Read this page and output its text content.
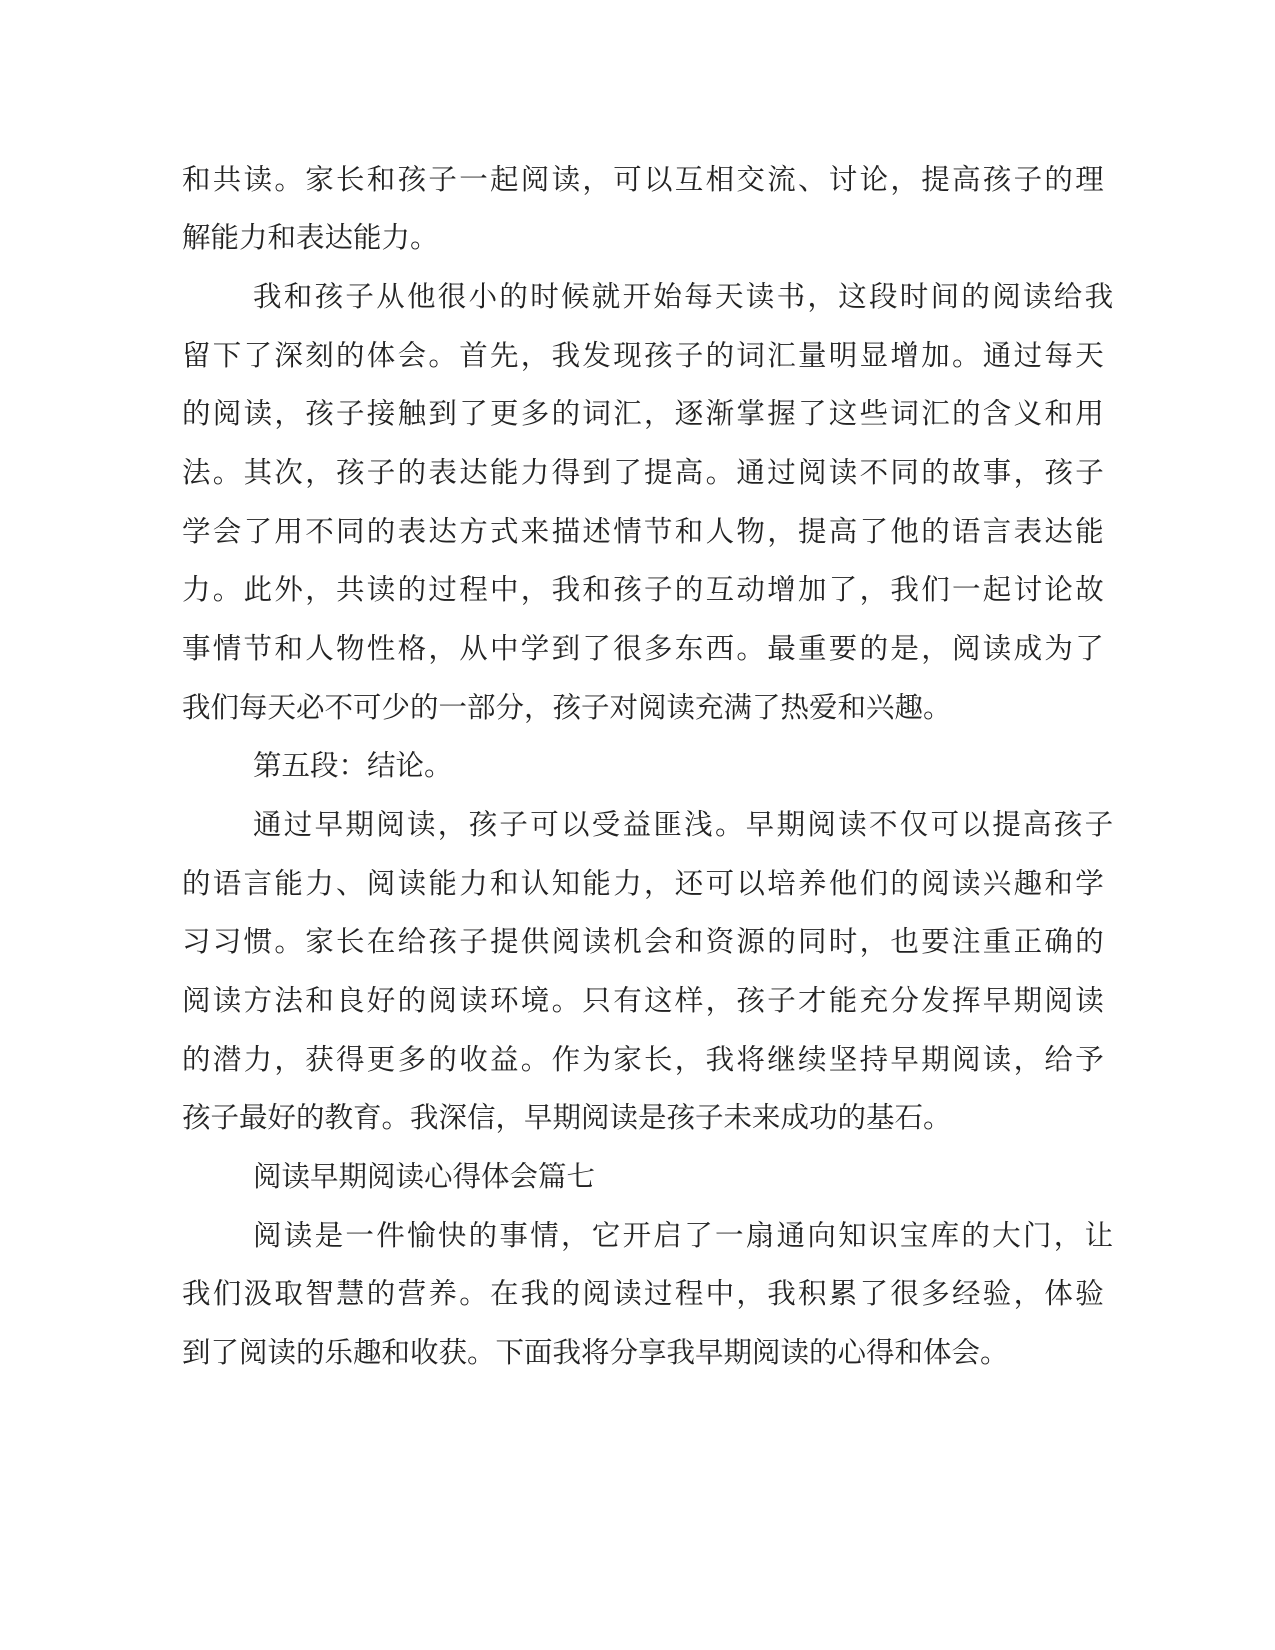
和共读。家长和孩子一起阅读，可以互相交流、讨论，提高孩子的理
解能力和表达能力。
我和孩子从他很小的时候就开始每天读书，这段时间的阅读给我
留下了深刻的体会。首先，我发现孩子的词汇量明显增加。通过每天
的阅读，孩子接触到了更多的词汇，逐渐掌握了这些词汇的含义和用
法。其次，孩子的表达能力得到了提高。通过阅读不同的故事，孩子
学会了用不同的表达方式来描述情节和人物，提高了他的语言表达能
力。此外，共读的过程中，我和孩子的互动增加了，我们一起讨论故
事情节和人物性格，从中学到了很多东西。最重要的是，阅读成为了
我们每天必不可少的一部分，孩子对阅读充满了热爱和兴趣。
第五段：结论。
通过早期阅读，孩子可以受益匪浅。早期阅读不仅可以提高孩子
的语言能力、阅读能力和认知能力，还可以培养他们的阅读兴趣和学
习习惯。家长在给孩子提供阅读机会和资源的同时，也要注重正确的
阅读方法和良好的阅读环境。只有这样，孩子才能充分发挥早期阅读
的潜力，获得更多的收益。作为家长，我将继续坚持早期阅读，给予
孩子最好的教育。我深信，早期阅读是孩子未来成功的基石。
阅读早期阅读心得体会篇七
阅读是一件愉快的事情，它开启了一扇通向知识宝库的大门，让
我们汲取智慧的营养。在我的阅读过程中，我积累了很多经验，体验
到了阅读的乐趣和收获。下面我将分享我早期阅读的心得和体会。
